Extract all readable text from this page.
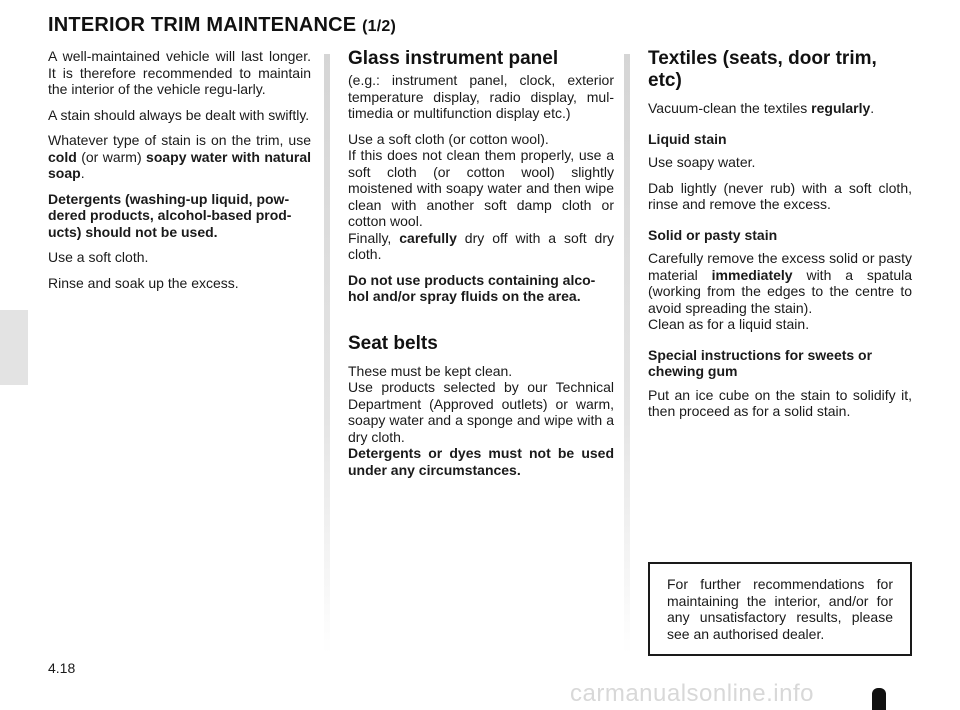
INTERIOR TRIM MAINTENANCE (1/2)

A well-maintained vehicle will last longer. It is therefore recommended to maintain the interior of the vehicle regu-larly.

A stain should always be dealt with swiftly.

Whatever type of stain is on the trim, use cold (or warm) soapy water with natural soap.

Detergents (washing-up liquid, pow-dered products, alcohol-based prod-ucts) should not be used.

Use a soft cloth.

Rinse and soak up the excess.

Glass instrument panel

(e.g.: instrument panel, clock, exterior temperature display, radio display, mul-timedia or multifunction display etc.)

Use a soft cloth (or cotton wool).
If this does not clean them properly, use a soft cloth (or cotton wool) slightly moistened with soapy water and then wipe clean with another soft damp cloth or cotton wool.
Finally, carefully dry off with a soft dry cloth.

Do not use products containing alco-hol and/or spray fluids on the area.

Seat belts

These must be kept clean.
Use products selected by our Technical Department (Approved outlets) or warm, soapy water and a sponge and wipe with a dry cloth.
Detergents or dyes must not be used under any circumstances.

Textiles (seats, door trim, etc)

Vacuum-clean the textiles regularly.

Liquid stain

Use soapy water.

Dab lightly (never rub) with a soft cloth, rinse and remove the excess.

Solid or pasty stain

Carefully remove the excess solid or pasty material immediately with a spatula (working from the edges to the centre to avoid spreading the stain).
Clean as for a liquid stain.

Special instructions for sweets or chewing gum

Put an ice cube on the stain to solidify it, then proceed as for a solid stain.

For further recommendations for maintaining the interior, and/or for any unsatisfactory results, please see an authorised dealer.
4.18
carmanualsonline.info
